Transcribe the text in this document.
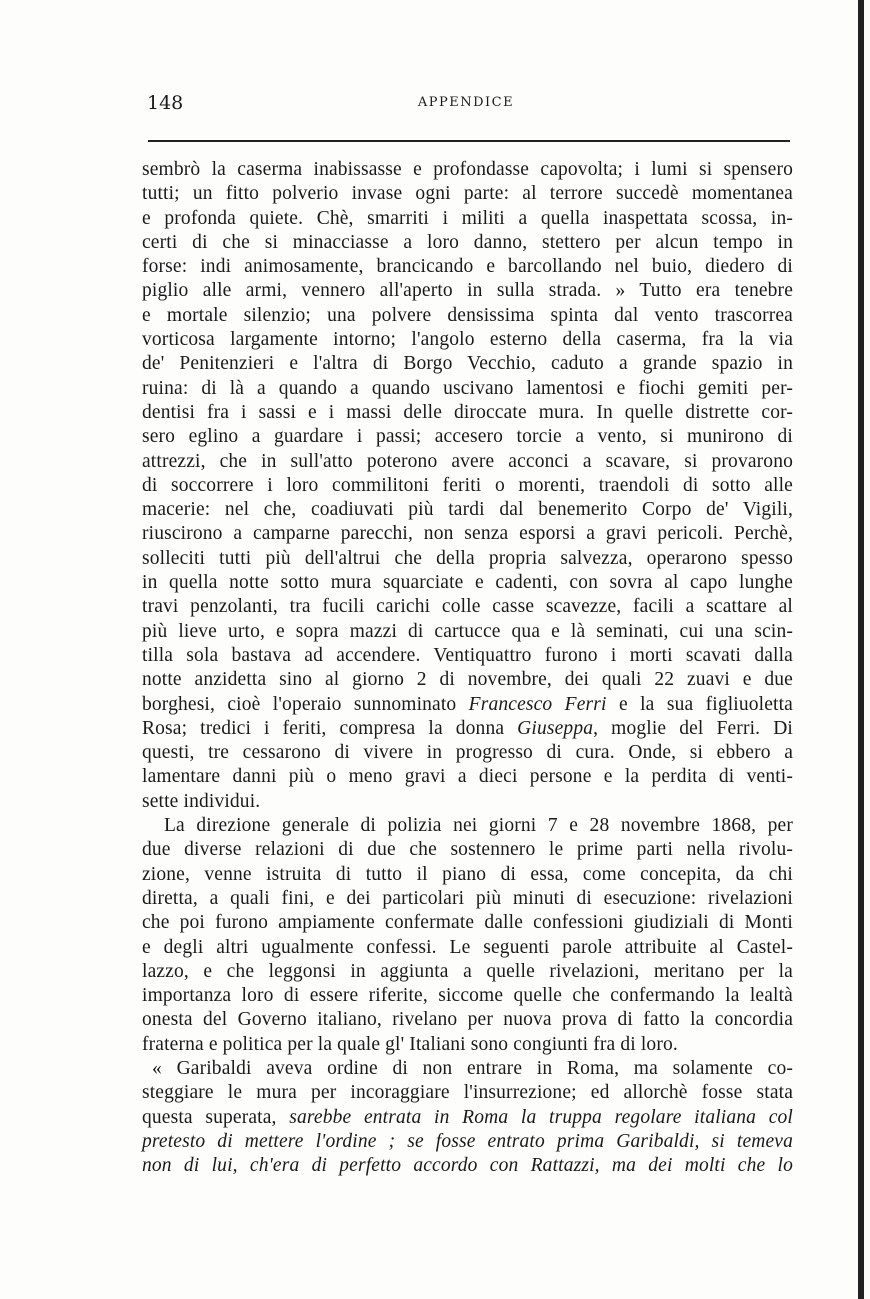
148	APPENDICE
sembrò la caserma inabissasse e profondasse capovolta; i lumi si spensero
tutti; un fitto polverio invase ogni parte: al terrore succedè momentanea
e profonda quiete. Chè, smarriti i militi a quella inaspettata scossa, in-
certi di che si minacciasse a loro danno, stettero per alcun tempo in
forse: indi animosamente, brancicando e barcollando nel buio, diedero di
piglio alle armi, vennero all'aperto in sulla strada. » Tutto era tenebre
e mortale silenzio; una polvere densissima spinta dal vento trascorrea
vorticosa largamente intorno; l'angolo esterno della caserma, fra la via
de' Penitenzieri e l'altra di Borgo Vecchio, caduto a grande spazio in
ruina: di là a quando a quando uscivano lamentosi e fiochi gemiti per-
dentisi fra i sassi e i massi delle diroccate mura. In quelle distrette cor-
sero eglino a guardare i passi; accesero torcie a vento, si munirono di
attrezzi, che in sull'atto poterono avere acconci a scavare, si provarono
di soccorrere i loro commilitoni feriti o morenti, traendoli di sotto alle
macerie: nel che, coadiuvati più tardi dal benemerito Corpo de' Vigili,
riuscirono a camparne parecchi, non senza esporsi a gravi pericoli. Perchè,
solleciti tutti più dell'altrui che della propria salvezza, operarono spesso
in quella notte sotto mura squarciate e cadenti, con sovra al capo lunghe
travi penzolanti, tra fucili carichi colle casse scavezze, facili a scattare al
più lieve urto, e sopra mazzi di cartucce qua e là seminati, cui una scin-
tilla sola bastava ad accendere. Ventiquattro furono i morti scavati dalla
notte anzidetta sino al giorno 2 di novembre, dei quali 22 zuavi e due
borghesi, cioè l'operaio sunnominato Francesco Ferri e la sua figliuoletta
Rosa; tredici i feriti, compresa la donna Giuseppa, moglie del Ferri. Di
questi, tre cessarono di vivere in progresso di cura. Onde, si ebbero a
lamentare danni più o meno gravi a dieci persone e la perdita di venti-
sette individui.
La direzione generale di polizia nei giorni 7 e 28 novembre 1868, per
due diverse relazioni di due che sostennero le prime parti nella rivolu-
zione, venne istruita di tutto il piano di essa, come concepita, da chi
diretta, a quali fini, e dei particolari più minuti di esecuzione: rivelazioni
che poi furono ampiamente confermate dalle confessioni giudiziali di Monti
e degli altri ugualmente confessi. Le seguenti parole attribuite al Castel-
lazzo, e che leggonsi in aggiunta a quelle rivelazioni, meritano per la
importanza loro di essere riferite, siccome quelle che confermando la lealtà
onesta del Governo italiano, rivelano per nuova prova di fatto la concordia
fraterna e politica per la quale gl' Italiani sono congiunti fra di loro.
« Garibaldi aveva ordine di non entrare in Roma, ma solamente co-
steggiare le mura per incoraggiare l'insurrezione; ed allorchè fosse stata
questa superata, sarebbe entrata in Roma la truppa regolare italiana col
pretesto di mettere l'ordine ; se fosse entrato prima Garibaldi, si temeva
non di lui, ch'era di perfetto accordo con Rattazzi, ma dei molti che lo
